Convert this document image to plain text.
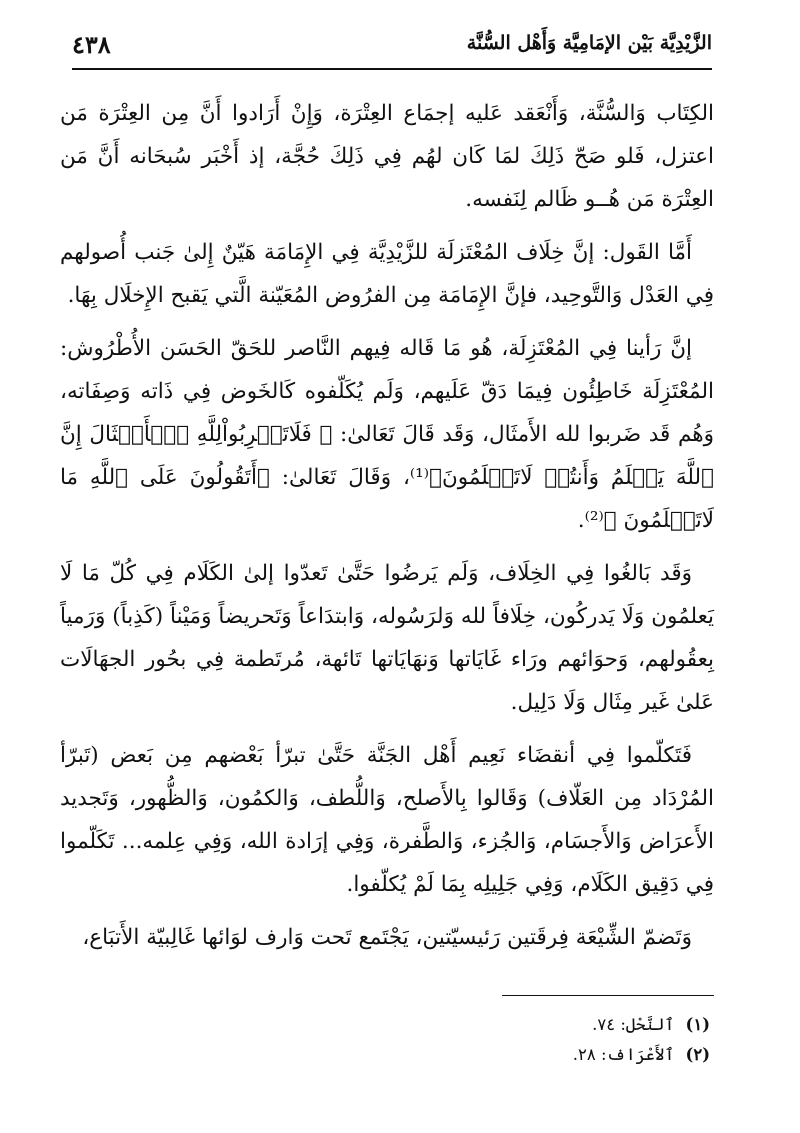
الزَّيْدِيَّة بَيْن الإمَامِيَّة وَأَهْل السُّنَّة
٤٣٨

الكِتَاب وَالسُّنَّة، وَأَنْعَقد عَليه إجمَاع العِتْرَة، وَإِنْ أَرَادوا أَنَّ مِن العِتْرَة مَن اعتزل، فَلو صَحّ ذَلِكَ لمَا كَان لهُم فِي ذَلِكَ حُجَّة، إذ أَخْبَر سُبحَانه أَنَّ مَن العِتْرَة مَن هُــو ظَالم لِنَفسه.

أَمَّا القَول: إنَّ خِلَاف المُعْتَزلَة للزَّيْدِيَّة فِي الإِمَامَة هَيّنٌ إِلىٰ جَنب أُصولهم فِي العَدْل وَالتَّوحِيد، فإنَّ الإِمَامَة مِن الفرُوض المُعَيّنة الَّتي يَقبح الإِخلَال بِهَا.

إنَّ رَأينا فِي المُعْتَزِلَة، هُو مَا قَاله فِيهم النَّاصر للحَقّ الحَسَن الأُطْرُوش: المُعْتَزِلَة خَاطِئُون فِيمَا دَقّ عَلَيهم، وَلَم يُكَلّفوه كَالخَوض فِي ذَاته وَصِفَاته، وَهُم قَد ضَربوا لله الأَمثَال، وَقَد قَالَ تَعَالىٰ: ﴿ فَلَاتَضۡرِبُواْلِلَّهِ ٱلۡأَمۡثَالَ إِنَّ ٱللَّهَ يَعۡلَمُ وَأَنتُمۡ لَاتَعۡلَمُونَ﴾⁽¹⁾، وَقَالَ تَعَالىٰ: ﴿أَتَقُولُونَ عَلَى ٱللَّهِ مَا لَاتَعۡلَمُونَ ﴾⁽²⁾.

وَقَد بَالغُوا فِي الخِلَاف، وَلَم يَرضُوا حَتَّىٰ تَعدّوا إلىٰ الكَلَام فِي كُلّ مَا لَا يَعلمُون وَلَا يَدركُون، خِلَافاً لله وَلرَسُوله، وَابتدَاعاً وَتَحريضاً وَمَيْناً (كَذِباً) وَرَمياً بِعقُولهم، وَحوَائهم ورَاء غَايَاتها وَنهَايَاتها تَائهة، مُرتَطمة فِي بحُور الجهَالَات عَلىٰ غَير مِثَال وَلَا دَلِيل.

فَتَكلّموا فِي أنقضَاء نَعِيم أَهْل الجَنَّة حَتَّىٰ تبرّأ بَعْضهم مِن بَعض (تَبرّأ المُرْدَاد مِن العَلّاف) وَقَالوا بِالأَصلح، وَاللُّطف، وَالكمُون، وَالظُّهور، وَتَجديد الأَعرَاض وَالأَجسَام، وَالجُزء، وَالطَّفرة، وَفِي إرَادة الله، وَفِي عِلمه... تَكَلّموا فِي دَقِيق الكَلَام، وَفِي جَلِيلِه بِمَا لَمْ يُكلّفوا.

وَتَضمّ الشِّيْعَة فِرقَتين رَئيسيّتين، يَجْتَمع تَحت وَارف لوَائها غَالِبيّة الأَتبَاع،

(١) ٱلنَّحْل: ٧٤.
(٢) ٱلأَعْرَاف: ٢٨.
